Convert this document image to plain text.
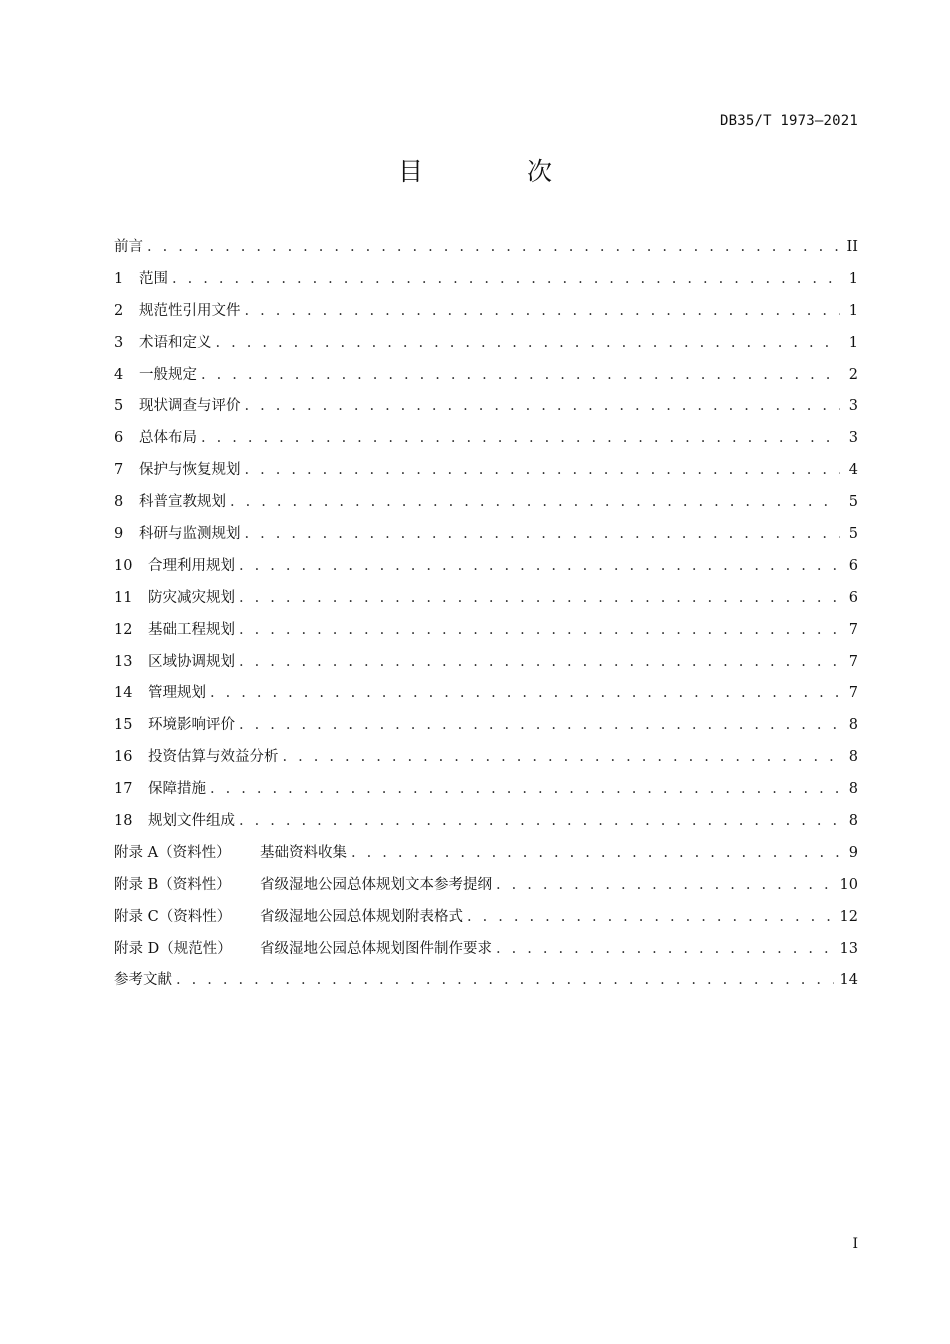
DB35/T 1973—2021
目 次
前言 . . .	II
1	范围 . . .	1
2	规范性引用文件 . . .	1
3	术语和定义 . . .	1
4	一般规定 . . .	2
5	现状调查与评价 . . .	3
6	总体布局 . . .	3
7	保护与恢复规划 . . .	4
8	科普宣教规划 . . .	5
9	科研与监测规划 . . .	5
10	合理利用规划 . . .	6
11	防灾减灾规划 . . .	6
12	基础工程规划 . . .	7
13	区域协调规划 . . .	7
14	管理规划 . . .	7
15	环境影响评价 . . .	8
16	投资估算与效益分析 . . .	8
17	保障措施 . . .	8
18	规划文件组成 . . .	8
附录 A（资料性）	基础资料收集 . . .	9
附录 B（资料性）	省级湿地公园总体规划文本参考提纲 . . .	10
附录 C（资料性）	省级湿地公园总体规划附表格式 . . .	12
附录 D（规范性）	省级湿地公园总体规划图件制作要求 . . .	13
参考文献 . . .	14
I
